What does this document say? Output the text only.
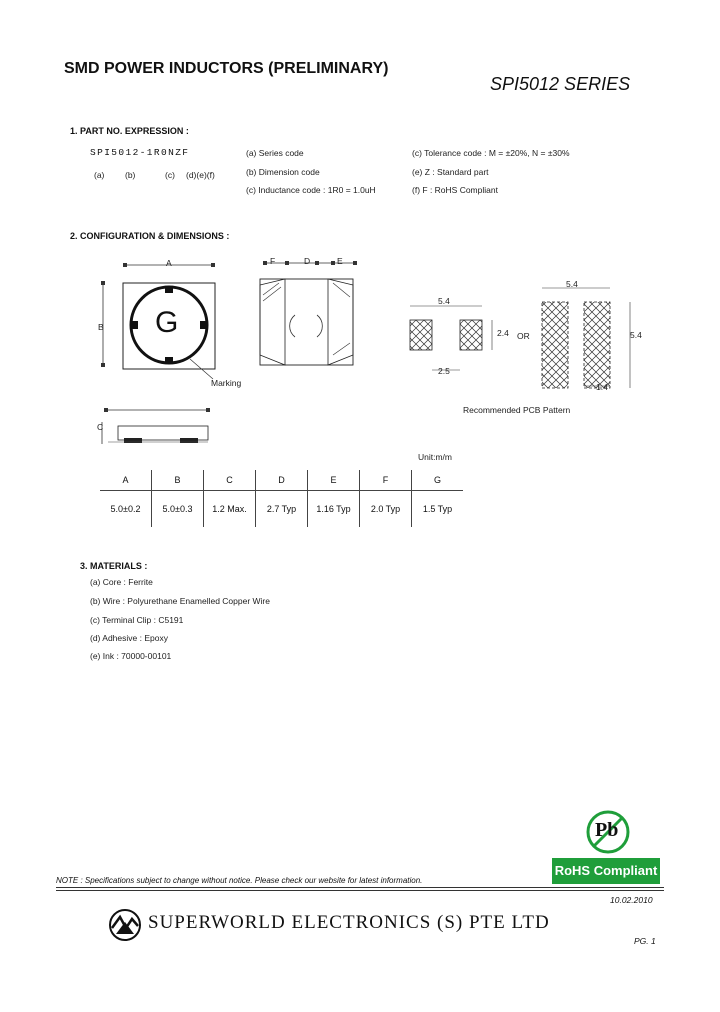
SMD POWER INDUCTORS (PRELIMINARY)
SPI5012 SERIES
1. PART NO. EXPRESSION :
SPI5012-1R0NZF
(a) (b)	(c) (d)(e)(f)
(a) Series code
(b) Dimension code
(c) Inductance code : 1R0 = 1.0uH
(c) Tolerance code : M = ±20%, N = ±30%
(e) Z : Standard part
(f) F : RoHS Compliant
2. CONFIGURATION & DIMENSIONS :
G
A
B
Marking
C
F	D	E
5.4
2.4
2.5
OR
5.4
5.4
1.4
Recommended PCB Pattern
Unit:m/m
A	B	C	D	E	F	G
5.0±0.2	5.0±0.3	1.2 Max.	2.7 Typ	1.16 Typ	2.0 Typ	1.5 Typ
3. MATERIALS :
(a) Core : Ferrite
(b) Wire : Polyurethane Enamelled Copper Wire
(c) Terminal Clip : C5191
(d) Adhesive : Epoxy
(e) Ink : 70000-00101
Pb
RoHS Compliant
NOTE : Specifications subject to change without notice. Please check our website for latest information.
10.02.2010
SUPERWORLD ELECTRONICS (S) PTE LTD
PG. 1
